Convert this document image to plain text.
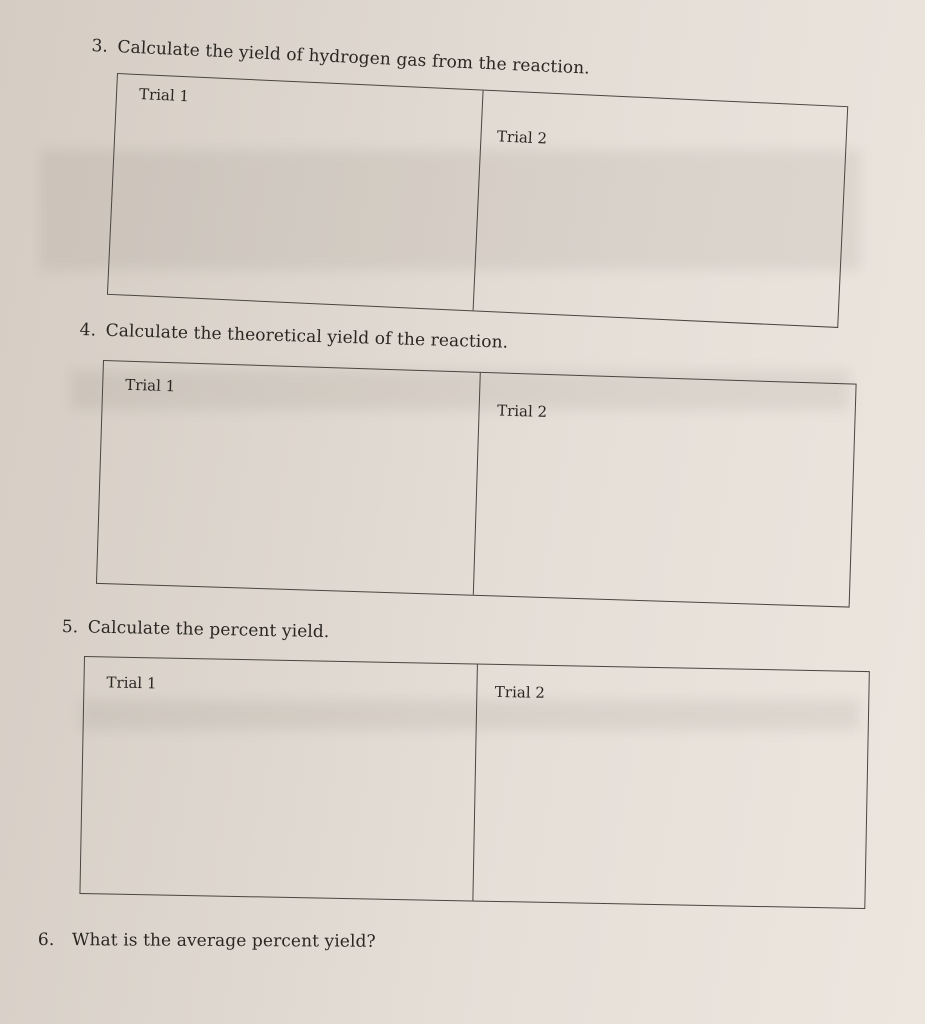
3. Calculate the yield of hydrogen gas from the reaction.
Trial 1
Trial 2
4. Calculate the theoretical yield of the reaction.
Trial 1
Trial 2
5. Calculate the percent yield.
Trial 1	Trial 2
6. What is the average percent yield?
